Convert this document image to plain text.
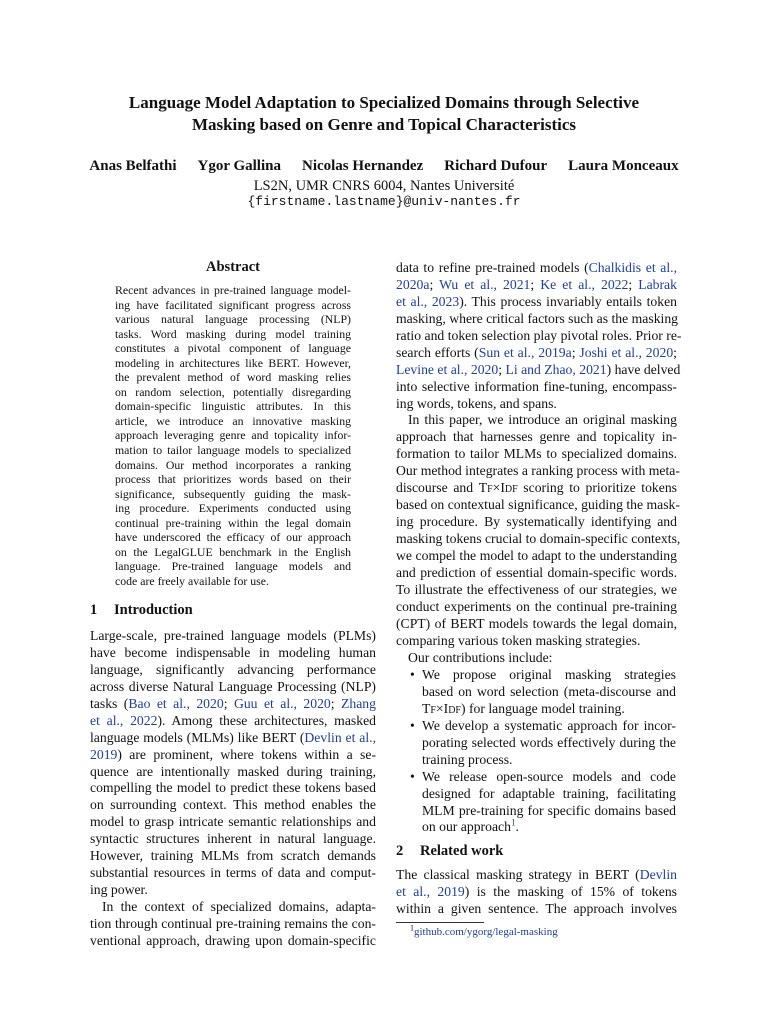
Language Model Adaptation to Specialized Domains through Selective
Masking based on Genre and Topical Characteristics
Anas Belfathi Ygor Gallina Nicolas Hernandez Richard Dufour Laura Monceaux
LS2N, UMR CNRS 6004, Nantes Université
{firstname.lastname}@univ-nantes.fr
Abstract
Recent advances in pre-trained language model-
ing have facilitated significant progress across
various natural language processing (NLP)
tasks. Word masking during model training
constitutes a pivotal component of language
modeling in architectures like BERT. However,
the prevalent method of word masking relies
on random selection, potentially disregarding
domain-specific linguistic attributes. In this
article, we introduce an innovative masking
approach leveraging genre and topicality infor-
mation to tailor language models to specialized
domains. Our method incorporates a ranking
process that prioritizes words based on their
significance, subsequently guiding the mask-
ing procedure. Experiments conducted using
continual pre-training within the legal domain
have underscored the efficacy of our approach
on the LegalGLUE benchmark in the English
language. Pre-trained language models and
code are freely available for use.
1 Introduction
Large-scale, pre-trained language models (PLMs)
have become indispensable in modeling human
language, significantly advancing performance
across diverse Natural Language Processing (NLP)
tasks (Bao et al., 2020; Guu et al., 2020; Zhang
et al., 2022). Among these architectures, masked
language models (MLMs) like BERT (Devlin et al.,
2019) are prominent, where tokens within a se-
quence are intentionally masked during training,
compelling the model to predict these tokens based
on surrounding context. This method enables the
model to grasp intricate semantic relationships and
syntactic structures inherent in natural language.
However, training MLMs from scratch demands
substantial resources in terms of data and comput-
ing power.
In the context of specialized domains, adapta-
tion through continual pre-training remains the con-
ventional approach, drawing upon domain-specific
data to refine pre-trained models (Chalkidis et al.,
2020a; Wu et al., 2021; Ke et al., 2022; Labrak
et al., 2023). This process invariably entails token
masking, where critical factors such as the masking
ratio and token selection play pivotal roles. Prior re-
search efforts (Sun et al., 2019a; Joshi et al., 2020;
Levine et al., 2020; Li and Zhao, 2021) have delved
into selective information fine-tuning, encompass-
ing words, tokens, and spans.
In this paper, we introduce an original masking
approach that harnesses genre and topicality in-
formation to tailor MLMs to specialized domains.
Our method integrates a ranking process with meta-
discourse and Tf×Idf scoring to prioritize tokens
based on contextual significance, guiding the mask-
ing procedure. By systematically identifying and
masking tokens crucial to domain-specific contexts,
we compel the model to adapt to the understanding
and prediction of essential domain-specific words.
To illustrate the effectiveness of our strategies, we
conduct experiments on the continual pre-training
(CPT) of BERT models towards the legal domain,
comparing various token masking strategies.
Our contributions include:
• We propose original masking strategies
based on word selection (meta-discourse and
Tf×Idf) for language model training.
• We develop a systematic approach for incor-
porating selected words effectively during the
training process.
• We release open-source models and code
designed for adaptable training, facilitating
MLM pre-training for specific domains based
on our approach$^1$.
2 Related work
The classical masking strategy in BERT (Devlin
et al., 2019) is the masking of 15% of tokens
within a given sentence. The approach involves
$^1$github.com/ygorg/legal-masking
